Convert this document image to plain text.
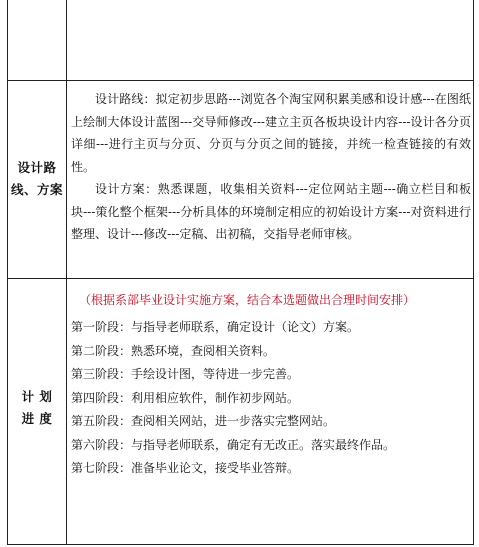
设计路
线、方案

设计路线：拟定初步思路---浏览各个淘宝网积累美感和设计感---在图纸上绘制大体设计蓝图---交导师修改---建立主页各板块设计内容---设计各分页详细---进行主页与分页、分页与分页之间的链接，并统一检查链接的有效性。

设计方案：熟悉课题，收集相关资料---定位网站主题---确立栏目和板块---策化整个框架---分析具体的环境制定相应的初始设计方案---对资料进行整理、设计---修改---定稿、出初稿，交指导老师审核。

计 划
进 度

（根据系部毕业设计实施方案，结合本选题做出合理时间安排）

第一阶段：与指导老师联系，确定设计（论文）方案。

第二阶段：熟悉环境，查阅相关资料。

第三阶段：手绘设计图，等待进一步完善。

第四阶段：利用相应软件，制作初步网站。

第五阶段：查阅相关网站，进一步落实完整网站。

第六阶段：与指导老师联系，确定有无改正。落实最终作品。

第七阶段：准备毕业论文，接受毕业答辩。
